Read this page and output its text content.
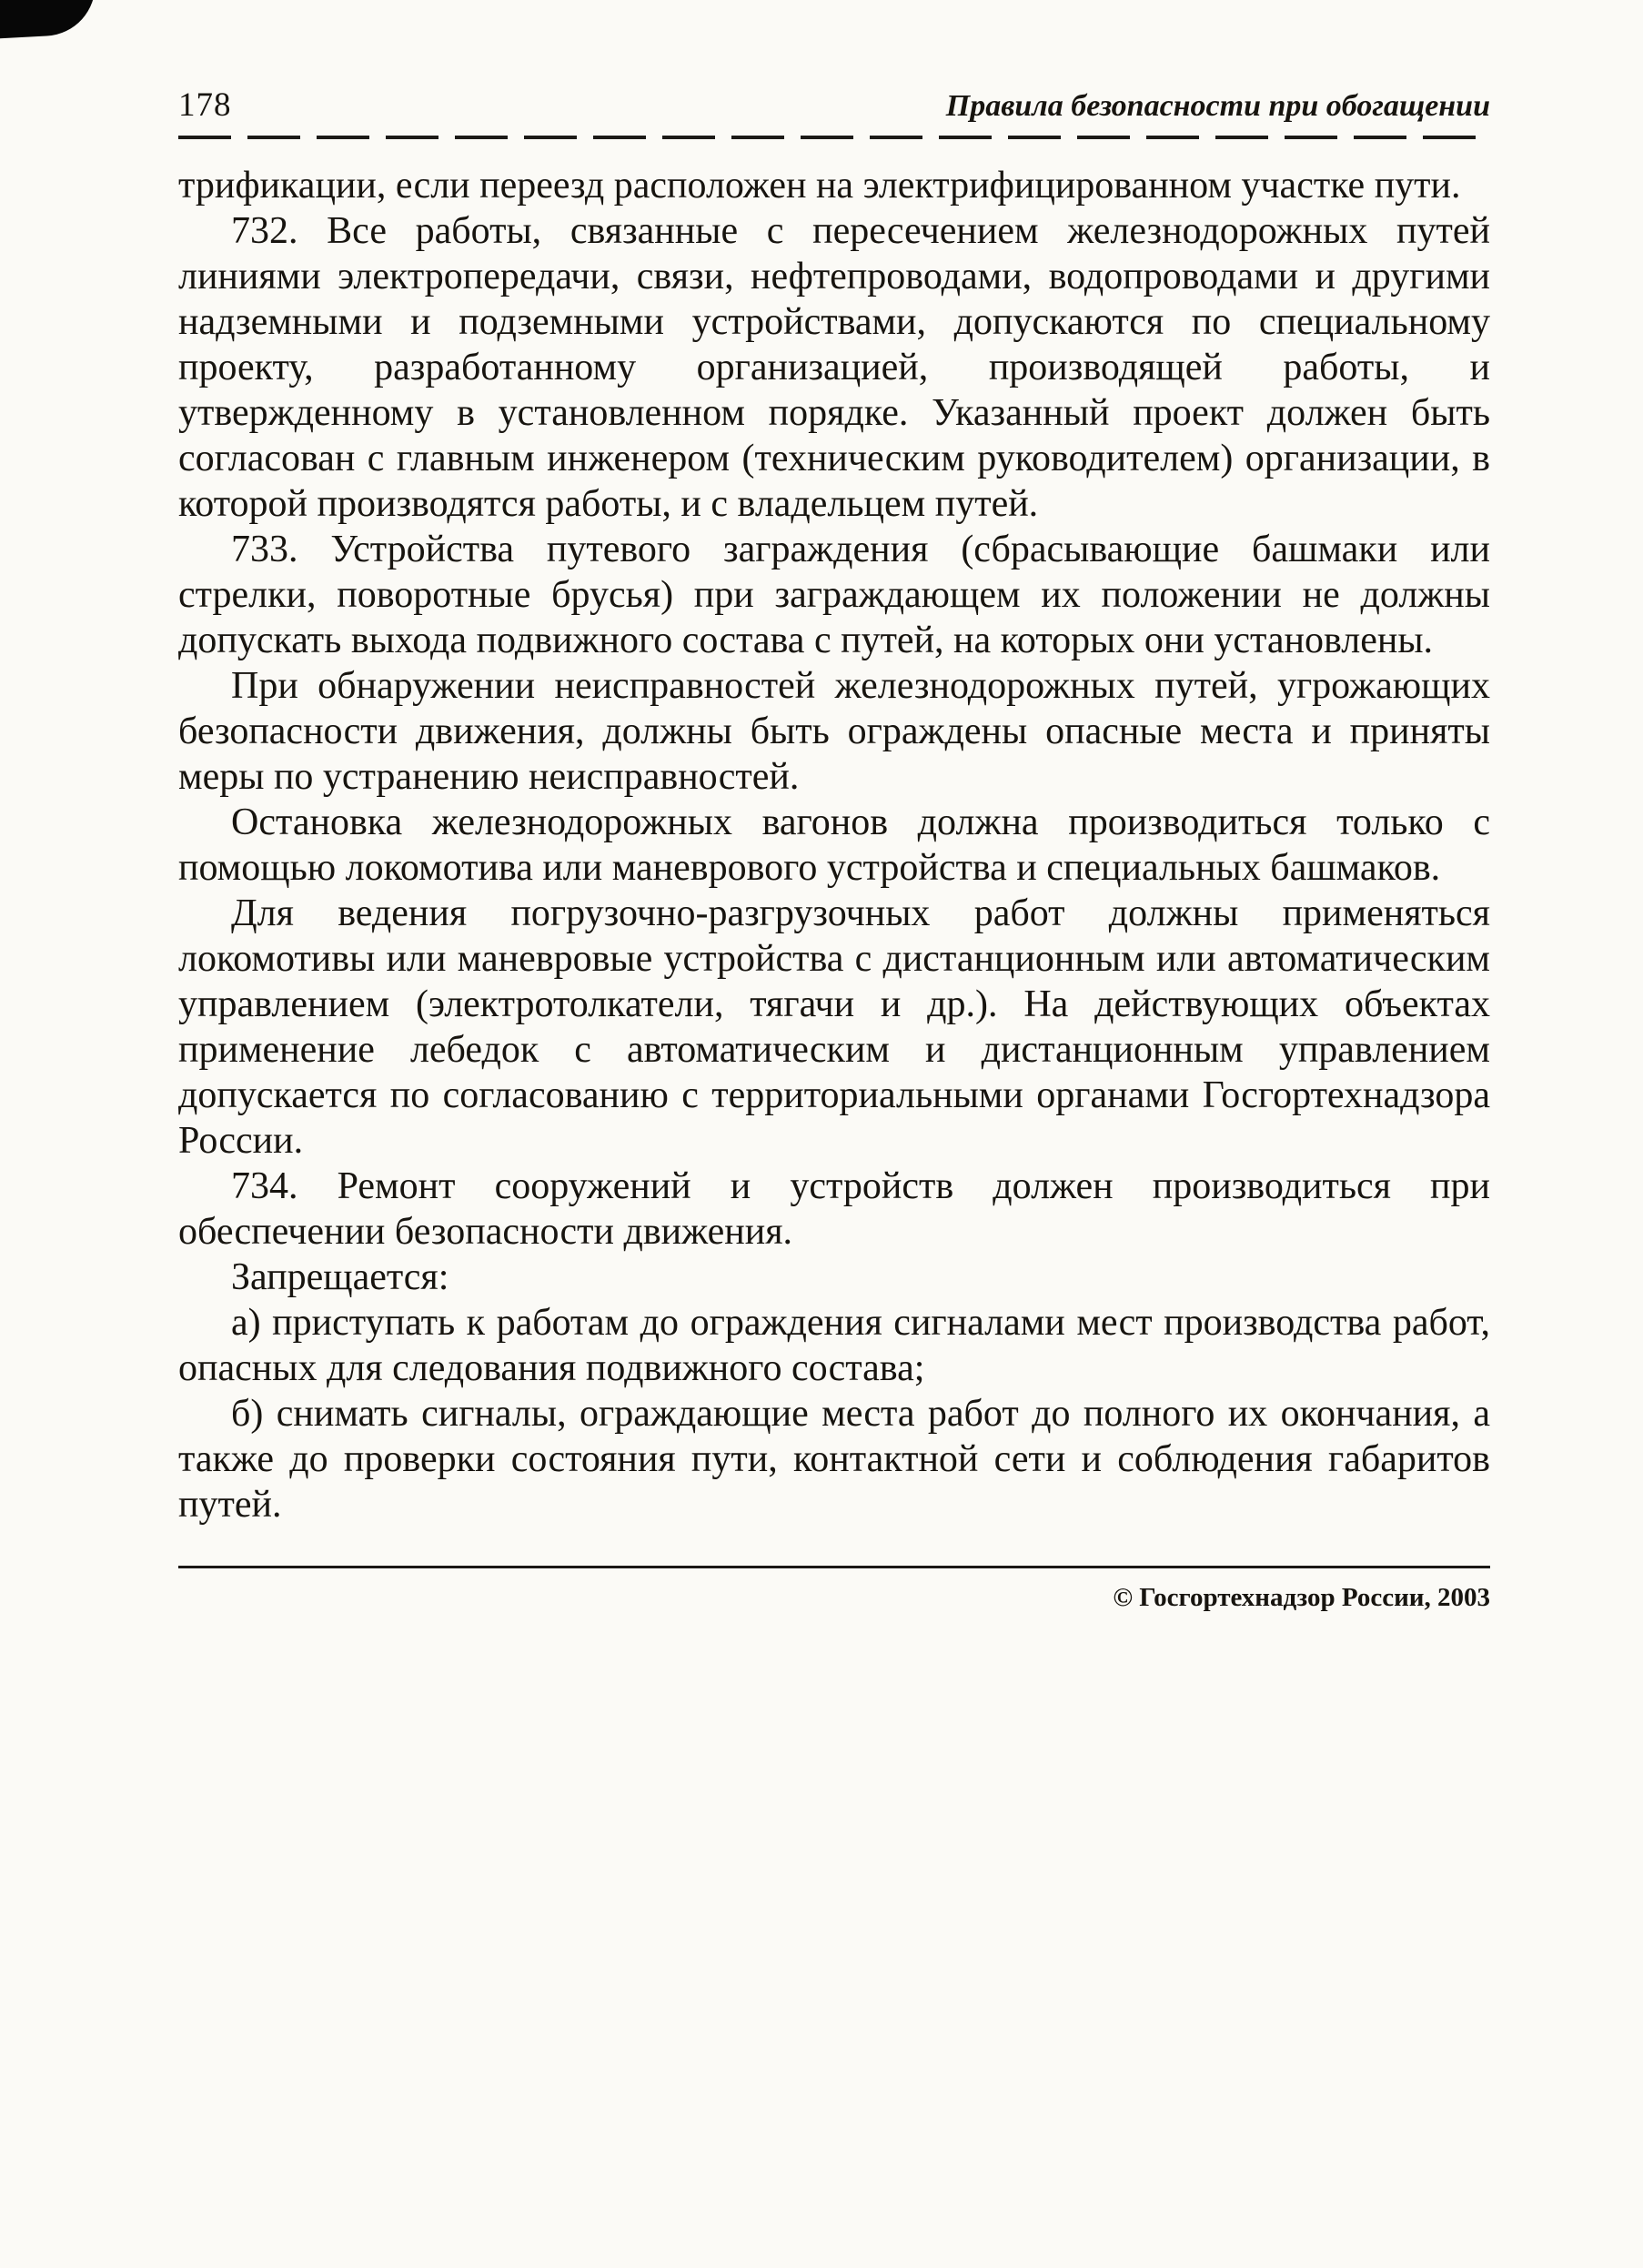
178	Правила безопасности при обогащении

трификации, если переезд расположен на электрифицированном участке пути.

732. Все работы, связанные с пересечением железнодорожных путей линиями электропередачи, связи, нефтепроводами, водопроводами и другими надземными и подземными устройствами, допускаются по специальному проекту, разработанному организацией, производящей работы, и утвержденному в установленном порядке. Указанный проект должен быть согласован с главным инженером (техническим руководителем) организации, в которой производятся работы, и с владельцем путей.

733. Устройства путевого заграждения (сбрасывающие башмаки или стрелки, поворотные брусья) при заграждающем их положении не должны допускать выхода подвижного состава с путей, на которых они установлены.

При обнаружении неисправностей железнодорожных путей, угрожающих безопасности движения, должны быть ограждены опасные места и приняты меры по устранению неисправностей.

Остановка железнодорожных вагонов должна производиться только с помощью локомотива или маневрового устройства и специальных башмаков.

Для ведения погрузочно-разгрузочных работ должны применяться локомотивы или маневровые устройства с дистанционным или автоматическим управлением (электротолкатели, тягачи и др.). На действующих объектах применение лебедок с автоматическим и дистанционным управлением допускается по согласованию с территориальными органами Госгортехнадзора России.

734. Ремонт сооружений и устройств должен производиться при обеспечении безопасности движения.

Запрещается:

а) приступать к работам до ограждения сигналами мест производства работ, опасных для следования подвижного состава;

б) снимать сигналы, ограждающие места работ до полного их окончания, а также до проверки состояния пути, контактной сети и соблюдения габаритов путей.

© Госгортехнадзор России, 2003
